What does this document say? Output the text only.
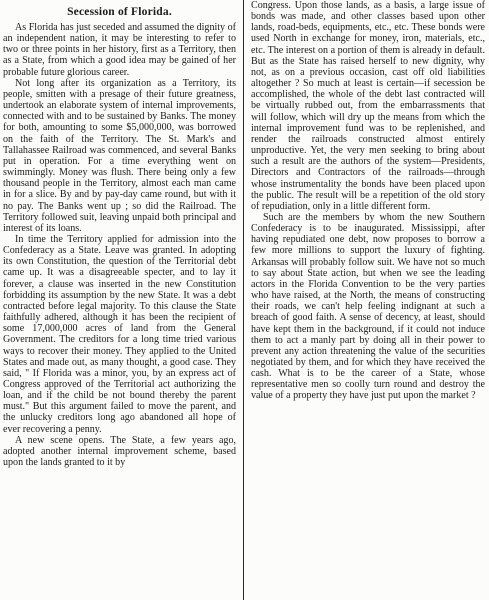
Secession of Florida.

As Florida has just seceded and assumed the dignity of an independent nation, it may be interesting to refer to two or three points in her history, first as a Territory, then as a State, from which a good idea may be gained of her probable future glorious career.

Not long after its organization as a Territory, its people, smitten with a presage of their future greatness, undertook an elaborate system of internal improvements, connected with and to be sustained by Banks. The money for both, amounting to some $5,000,000, was borrowed on the faith of the Territory. The St. Mark's and Tallahassee Railroad was commenced, and several Banks put in operation. For a time everything went on swimmingly. Money was flush. There being only a few thousand people in the Territory, almost each man came in for a slice. By and by pay-day came round, but with it no pay. The Banks went up ; so did the Railroad. The Territory followed suit, leaving unpaid both principal and interest of its loans.

In time the Territory applied for admission into the Confederacy as a State. Leave was granted. In adopting its own Constitution, the question of the Territorial debt came up. It was a disagreeable specter, and to lay it forever, a clause was inserted in the new Constitution forbidding its assumption by the new State. It was a debt contracted before legal majority. To this clause the State faithfully adhered, although it has been the recipient of some 17,000,000 acres of land from the General Government. The creditors for a long time tried various ways to recover their money. They applied to the United States and made out, as many thought, a good case. They said, " If Florida was a minor, you, by an express act of Congress approved of the Territorial act authorizing the loan, and if the child be not bound thereby the parent must." But this argument failed to move the parent, and the unlucky creditors long ago abandoned all hope of ever recovering a penny.

A new scene opens. The State, a few years ago, adopted another internal improvement scheme, based upon the lands granted to it by

Congress. Upon those lands, as a basis, a large issue of bonds was made, and other classes based upon other lands, road-beds, equipments, etc., etc. These bonds were used North in exchange for money, iron, materials, etc., etc. The interest on a portion of them is already in default. But as the State has raised herself to new dignity, why not, as on a previous occasion, cast off old liabilities altogether ? So much at least is certain—if secession be accomplished, the whole of the debt last contracted will be virtually rubbed out, from the embarrassments that will follow, which will dry up the means from which the internal improvement fund was to be replenished, and render the railroads constructed almost entirely unproductive. Yet, the very men seeking to bring about such a result are the authors of the system—Presidents, Directors and Contractors of the railroads—through whose instrumentality the bonds have been placed upon the public. The result will be a repetition of the old story of repudiation, only in a little different form.

Such are the members by whom the new Southern Confederacy is to be inaugurated. Mississippi, after having repudiated one debt, now proposes to borrow a few more millions to support the luxury of fighting. Arkansas will probably follow suit. We have not so much to say about State action, but when we see the leading actors in the Florida Convention to be the very parties who have raised, at the North, the means of constructing their roads, we can't help feeling indignant at such a breach of good faith. A sense of decency, at least, should have kept them in the background, if it could not induce them to act a manly part by doing all in their power to prevent any action threatening the value of the securities negotiated by them, and for which they have received the cash. What is to be the career of a State, whose representative men so coolly turn round and destroy the value of a property they have just put upon the market ?
